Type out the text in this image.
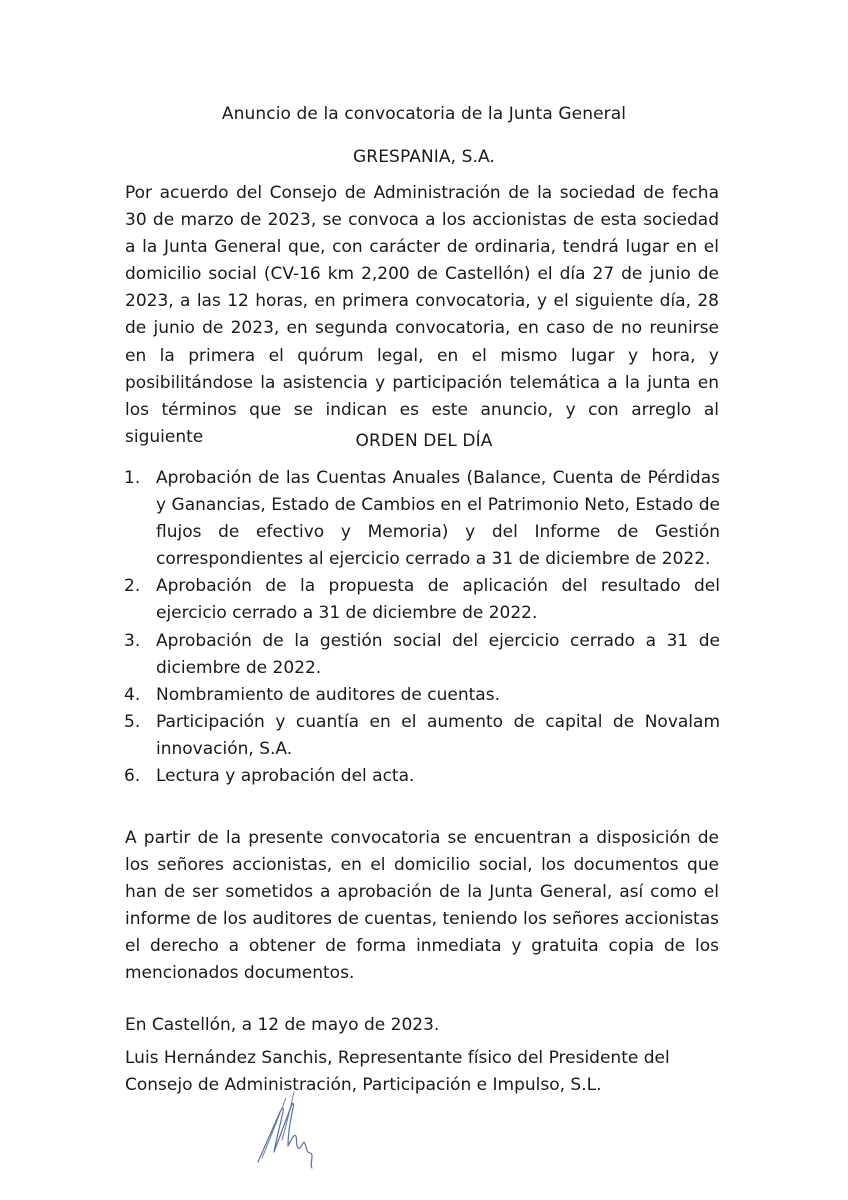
Anuncio de la convocatoria de la Junta General
GRESPANIA, S.A.
Por acuerdo del Consejo de Administración de la sociedad de fecha 30 de marzo de 2023, se convoca a los accionistas de esta sociedad a la Junta General que, con carácter de ordinaria, tendrá lugar en el domicilio social (CV-16 km 2,200 de Castellón) el día 27 de junio de 2023, a las 12 horas, en primera convocatoria, y el siguiente día, 28 de junio de 2023, en segunda convocatoria, en caso de no reunirse en la primera el quórum legal, en el mismo lugar y hora, y posibilitándose la asistencia y participación telemática a la junta en los términos que se indican es este anuncio, y con arreglo al siguiente	ORDEN DEL DÍA
1. Aprobación de las Cuentas Anuales (Balance, Cuenta de Pérdidas y Ganancias, Estado de Cambios en el Patrimonio Neto, Estado de flujos de efectivo y Memoria) y del Informe de Gestión correspondientes al ejercicio cerrado a 31 de diciembre de 2022.
2. Aprobación de la propuesta de aplicación del resultado del ejercicio cerrado a 31 de diciembre de 2022.
3. Aprobación de la gestión social del ejercicio cerrado a 31 de diciembre de 2022.
4. Nombramiento de auditores de cuentas.
5. Participación y cuantía en el aumento de capital de Novalam innovación, S.A.
6. Lectura y aprobación del acta.
A partir de la presente convocatoria se encuentran a disposición de los señores accionistas, en el domicilio social, los documentos que han de ser sometidos a aprobación de la Junta General, así como el informe de los auditores de cuentas, teniendo los señores accionistas el derecho a obtener de forma inmediata y gratuita copia de los mencionados documentos.
En Castellón, a 12 de mayo de 2023.
Luis Hernández Sanchis, Representante físico del Presidente del Consejo de Administración, Participación e Impulso, S.L.
